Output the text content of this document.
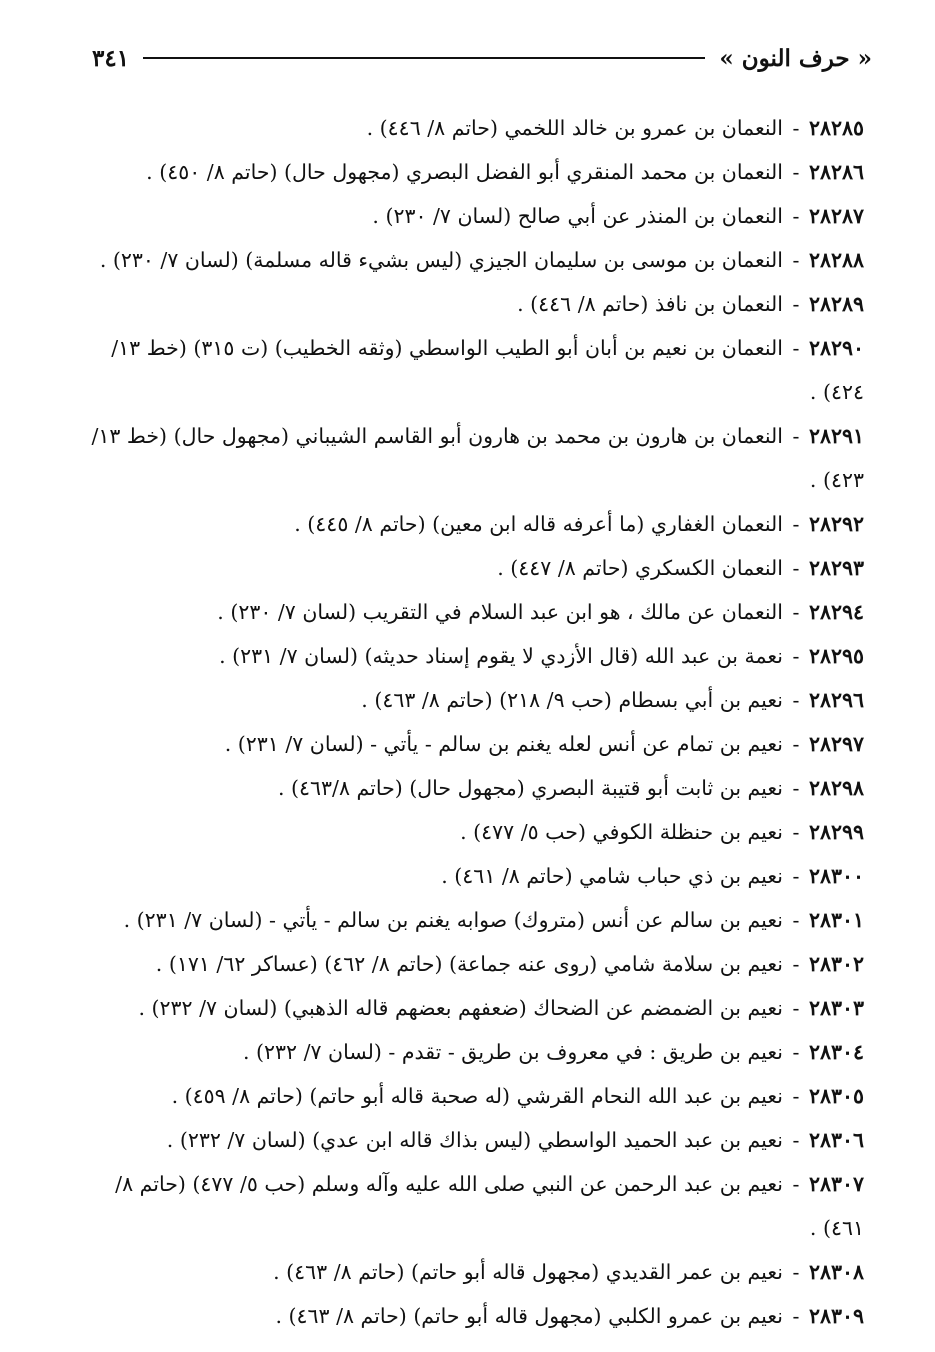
« حرف النون »
٣٤١

٢٨٢٨٥ - النعمان بن عمرو بن خالد اللخمي (حاتم ٨/ ٤٤٦) .

٢٨٢٨٦ - النعمان بن محمد المنقري أبو الفضل البصري (مجهول حال) (حاتم ٨/ ٤٥٠) .

٢٨٢٨٧ - النعمان بن المنذر عن أبي صالح (لسان ٧/ ٢٣٠) .

٢٨٢٨٨ - النعمان بن موسى بن سليمان الجيزي (ليس بشيء قاله مسلمة) (لسان ٧/ ٢٣٠) .

٢٨٢٨٩ - النعمان بن نافذ (حاتم ٨/ ٤٤٦) .

٢٨٢٩٠ - النعمان بن نعيم بن أبان أبو الطيب الواسطي (وثقه الخطيب) (ت ٣١٥) (خط ١٣/ ٤٢٤) .

٢٨٢٩١ - النعمان بن هارون بن محمد بن هارون أبو القاسم الشيباني (مجهول حال) (خط ١٣/ ٤٢٣) .

٢٨٢٩٢ - النعمان الغفاري (ما أعرفه قاله ابن معين) (حاتم ٨/ ٤٤٥) .

٢٨٢٩٣ - النعمان الكسكري (حاتم ٨/ ٤٤٧) .

٢٨٢٩٤ - النعمان عن مالك ، هو ابن عبد السلام في التقريب (لسان ٧/ ٢٣٠) .

٢٨٢٩٥ - نعمة بن عبد الله (قال الأزدي لا يقوم إسناد حديثه) (لسان ٧/ ٢٣١) .

٢٨٢٩٦ - نعيم بن أبي بسطام (حب ٩/ ٢١٨) (حاتم ٨/ ٤٦٣) .

٢٨٢٩٧ - نعيم بن تمام عن أنس لعله يغنم بن سالم - يأتي - (لسان ٧/ ٢٣١) .

٢٨٢٩٨ - نعيم بن ثابت أبو قتيبة البصري (مجهول حال) (حاتم ٤٦٣/٨) .

٢٨٢٩٩ - نعيم بن حنظلة الكوفي (حب ٥/ ٤٧٧) .

٢٨٣٠٠ - نعيم بن ذي حباب شامي (حاتم ٨/ ٤٦١) .

٢٨٣٠١ - نعيم بن سالم عن أنس (متروك) صوابه يغنم بن سالم - يأتي - (لسان ٧/ ٢٣١) .

٢٨٣٠٢ - نعيم بن سلامة شامي (روى عنه جماعة) (حاتم ٨/ ٤٦٢) (عساكر ٦٢/ ١٧١) .

٢٨٣٠٣ - نعيم بن الضمضم عن الضحاك (ضعفهم بعضهم قاله الذهبي) (لسان ٧/ ٢٣٢) .

٢٨٣٠٤ - نعيم بن طريق : في معروف بن طريق - تقدم - (لسان ٧/ ٢٣٢) .

٢٨٣٠٥ - نعيم بن عبد الله النحام القرشي (له صحبة قاله أبو حاتم) (حاتم ٨/ ٤٥٩) .

٢٨٣٠٦ - نعيم بن عبد الحميد الواسطي (ليس بذاك قاله ابن عدي) (لسان ٧/ ٢٣٢) .

٢٨٣٠٧ - نعيم بن عبد الرحمن عن النبي صلى الله عليه وآله وسلم (حب ٥/ ٤٧٧) (حاتم ٨/ ٤٦١) .

٢٨٣٠٨ - نعيم بن عمر القديدي (مجهول قاله أبو حاتم) (حاتم ٨/ ٤٦٣) .

٢٨٣٠٩ - نعيم بن عمرو الكلبي (مجهول قاله أبو حاتم) (حاتم ٨/ ٤٦٣) .
